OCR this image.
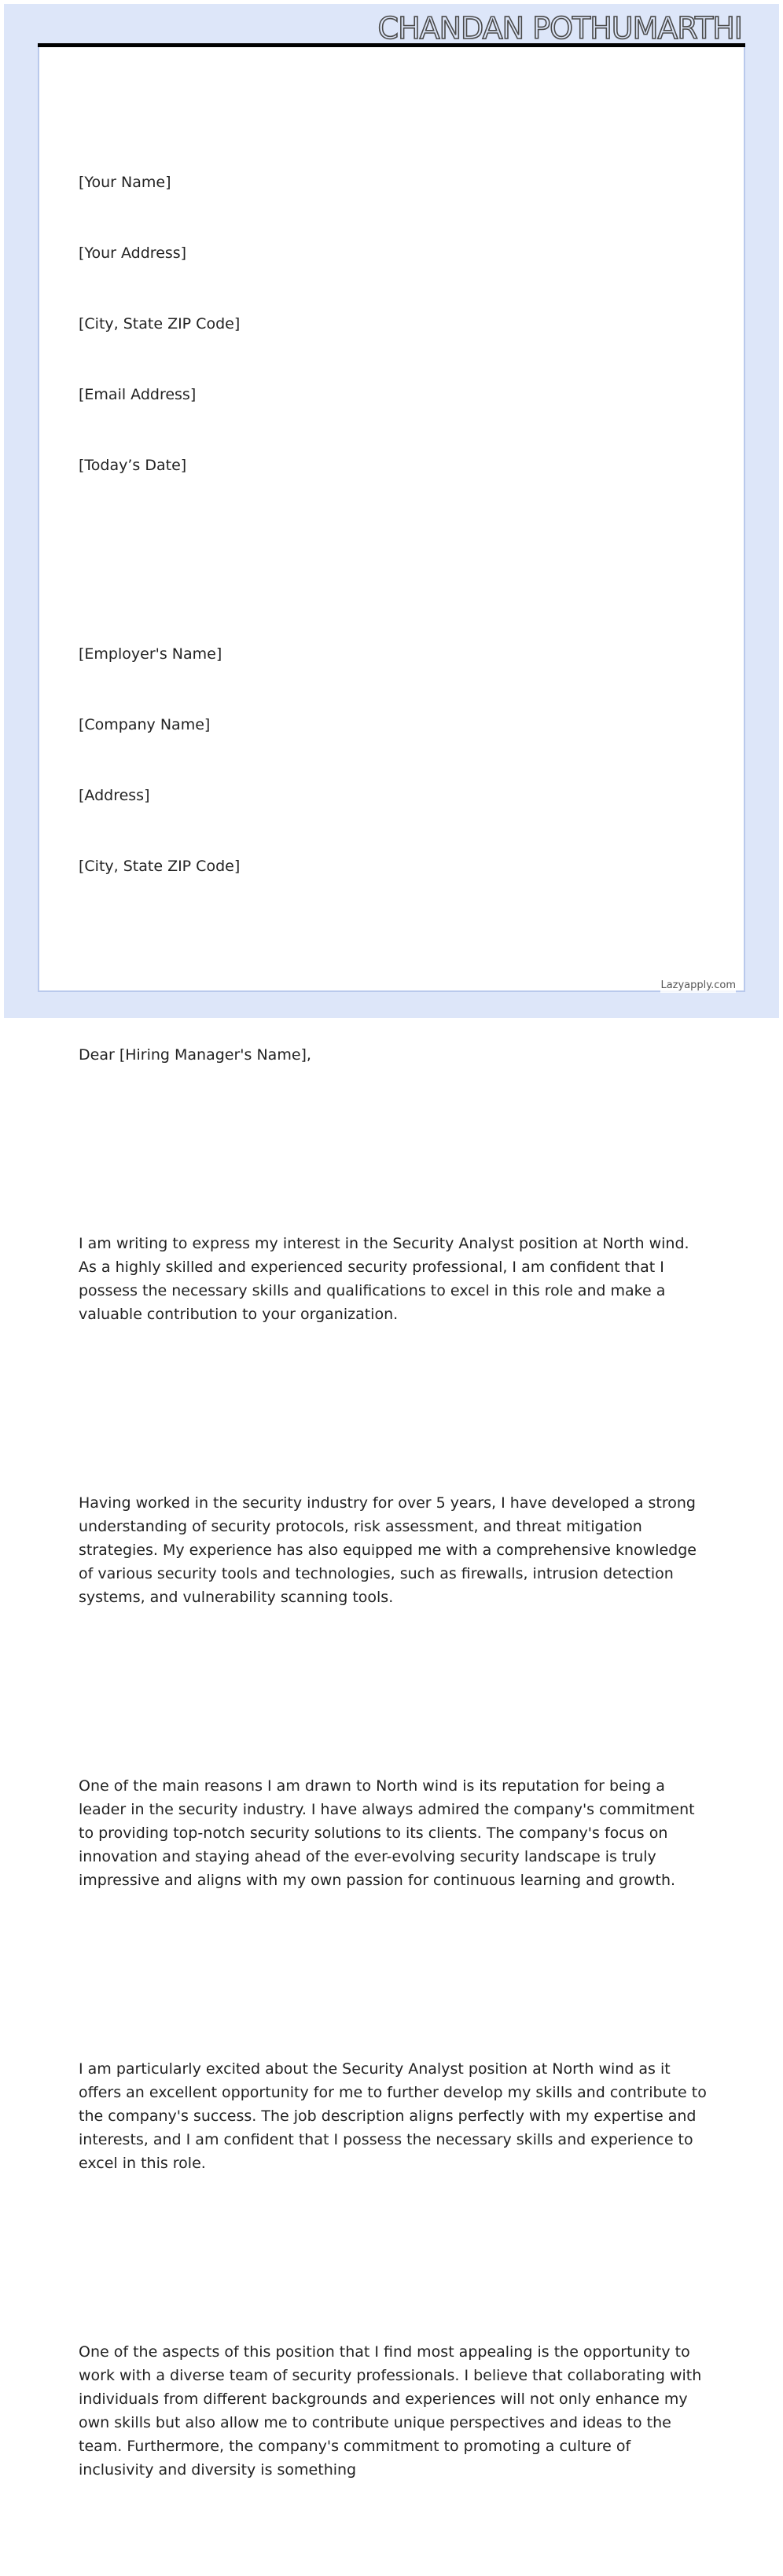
CHANDAN POTHUMARTHI

[Your Name]

[Your Address]

[City, State ZIP Code]

[Email Address]

[Today’s Date]

[Employer's Name]

[Company Name]

[Address]

[City, State ZIP Code]

Dear [Hiring Manager's Name],

I am writing to express my interest in the Security Analyst position at North wind. As a highly skilled and experienced security professional, I am confident that I possess the necessary skills and qualifications to excel in this role and make a valuable contribution to your organization.

Having worked in the security industry for over 5 years, I have developed a strong understanding of security protocols, risk assessment, and threat mitigation strategies. My experience has also equipped me with a comprehensive knowledge of various security tools and technologies, such as firewalls, intrusion detection systems, and vulnerability scanning tools.

One of the main reasons I am drawn to North wind is its reputation for being a leader in the security industry. I have always admired the company's commitment to providing top-notch security solutions to its clients. The company's focus on innovation and staying ahead of the ever-evolving security landscape is truly impressive and aligns with my own passion for continuous learning and growth.

I am particularly excited about the Security Analyst position at North wind as it offers an excellent opportunity for me to further develop my skills and contribute to the company's success. The job description aligns perfectly with my expertise and interests, and I am confident that I possess the necessary skills and experience to excel in this role.

One of the aspects of this position that I find most appealing is the opportunity to work with a diverse team of security professionals. I believe that collaborating with individuals from different backgrounds and experiences will not only enhance my own skills but also allow me to contribute unique perspectives and ideas to the team. Furthermore, the company's commitment to promoting a culture of inclusivity and diversity is something

Lazyapply.com
